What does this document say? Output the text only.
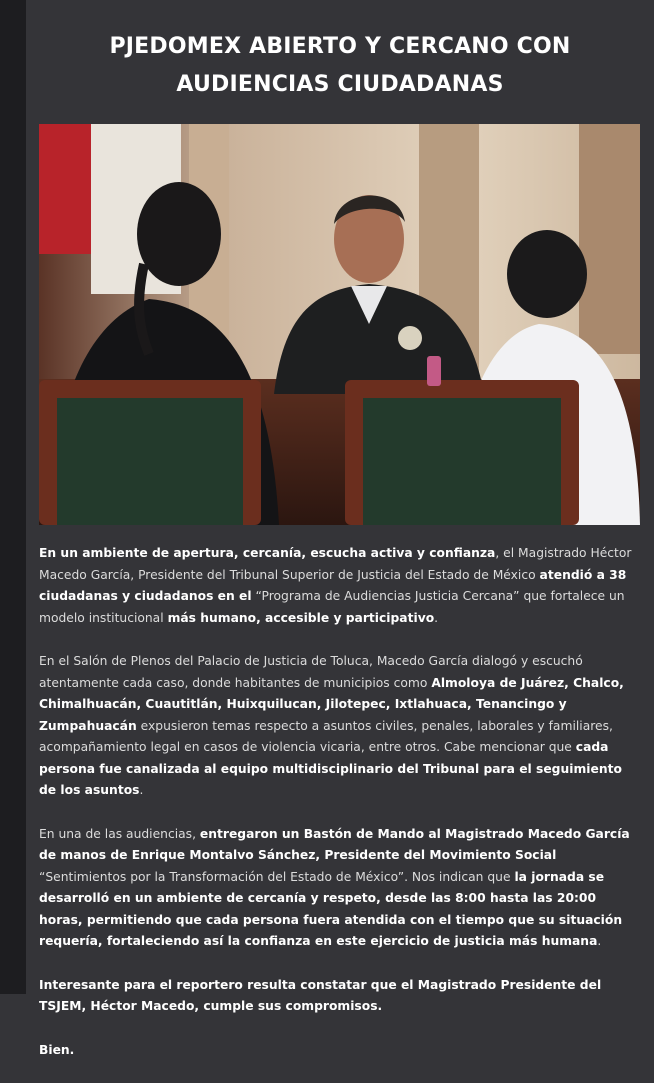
PJEDOMEX ABIERTO Y CERCANO CON AUDIENCIAS CIUDADANAS

En un ambiente de apertura, cercanía, escucha activa y confianza, el Magistrado Héctor Macedo García, Presidente del Tribunal Superior de Justicia del Estado de México atendió a 38 ciudadanas y ciudadanos en el “Programa de Audiencias Justicia Cercana” que fortalece un modelo institucional más humano, accesible y participativo.

En el Salón de Plenos del Palacio de Justicia de Toluca, Macedo García dialogó y escuchó atentamente cada caso, donde habitantes de municipios como Almoloya de Juárez, Chalco, Chimalhuacán, Cuautitlán, Huixquilucan, Jilotepec, Ixtlahuaca, Tenancingo y Zumpahuacán expusieron temas respecto a asuntos civiles, penales, laborales y familiares, acompañamiento legal en casos de violencia vicaria, entre otros. Cabe mencionar que cada persona fue canalizada al equipo multidisciplinario del Tribunal para el seguimiento de los asuntos.

En una de las audiencias, entregaron un Bastón de Mando al Magistrado Macedo García de manos de Enrique Montalvo Sánchez, Presidente del Movimiento Social “Sentimientos por la Transformación del Estado de México”. Nos indican que la jornada se desarrolló en un ambiente de cercanía y respeto, desde las 8:00 hasta las 20:00 horas, permitiendo que cada persona fuera atendida con el tiempo que su situación requería, fortaleciendo así la confianza en este ejercicio de justicia más humana.

Interesante para el reportero resulta constatar que el Magistrado Presidente del TSJEM, Héctor Macedo, cumple sus compromisos.

Bien.
